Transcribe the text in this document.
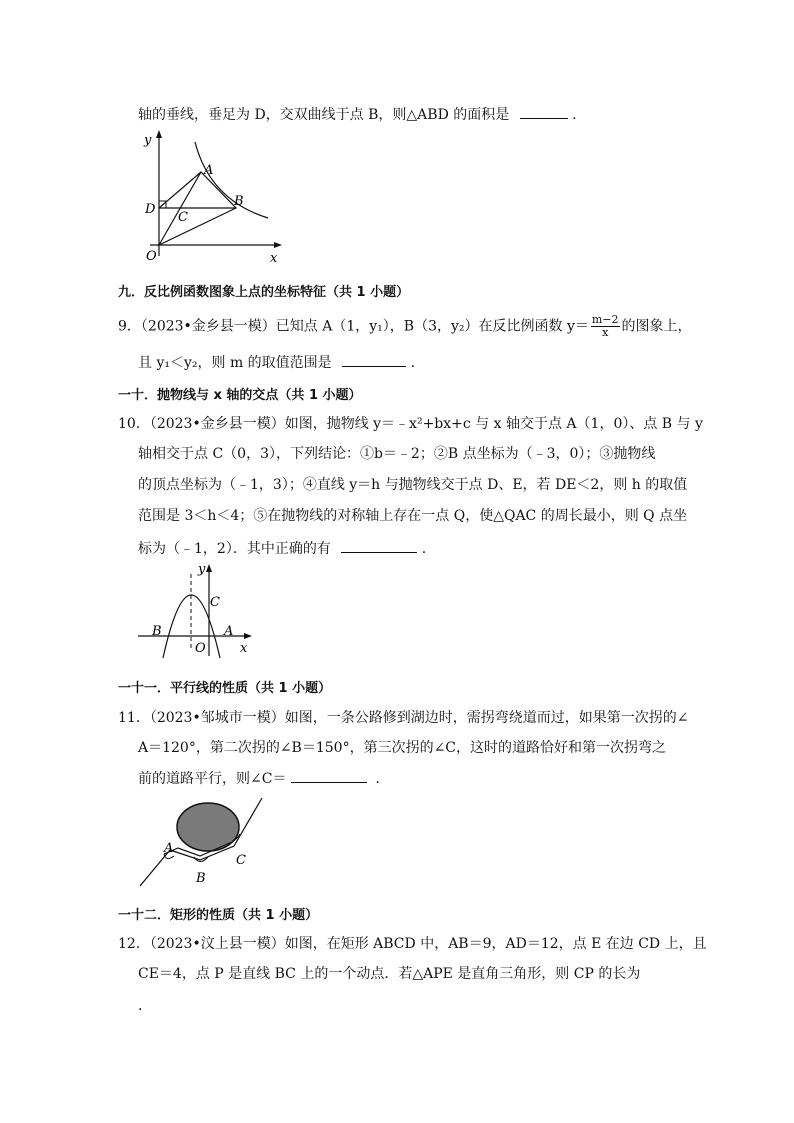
轴的垂线，垂足为 D，交双曲线于点 B，则△ABD 的面积是	.
y
x
O
A
B
C
D
九．反比例函数图象上点的坐标特征（共 1 小题）
9．（2023•金乡县一模）已知点 A（1，y₁），B（3，y₂）在反比例函数 $y= \frac{m-2}{x}$ 的图象上，
且 y₁＜y₂，则 m 的取值范围是	.
一十．抛物线与 x 轴的交点（共 1 小题）
10．（2023•金乡县一模）如图，抛物线 y＝﹣x²+bx+c 与 x 轴交于点 A（1，0）、点 B 与 y
轴相交于点 C（0，3），下列结论：①b＝﹣2；②B 点坐标为（﹣3，0）；③抛物线
的顶点坐标为（﹣1，3）；④直线 y＝h 与抛物线交于点 D、E，若 DE＜2，则 h 的取值
范围是 3＜h＜4；⑤在抛物线的对称轴上存在一点 Q，使△QAC 的周长最小，则 Q 点坐
标为（﹣1，2）．其中正确的有	.
y
x
O
A
B
C
一十一．平行线的性质（共 1 小题）
11．（2023•邹城市一模）如图，一条公路修到湖边时，需拐弯绕道而过，如果第一次拐的∠
A＝120°，第二次拐的∠B＝150°，第三次拐的∠C，这时的道路恰好和第一次拐弯之
前的道路平行，则∠C＝	.
A
B
C
一十二．矩形的性质（共 1 小题）
12．（2023•汶上县一模）如图，在矩形 ABCD 中，AB＝9，AD＝12，点 E 在边 CD 上，且
CE＝4，点 P 是直线 BC 上的一个动点．若△APE 是直角三角形，则 CP 的长为
．
